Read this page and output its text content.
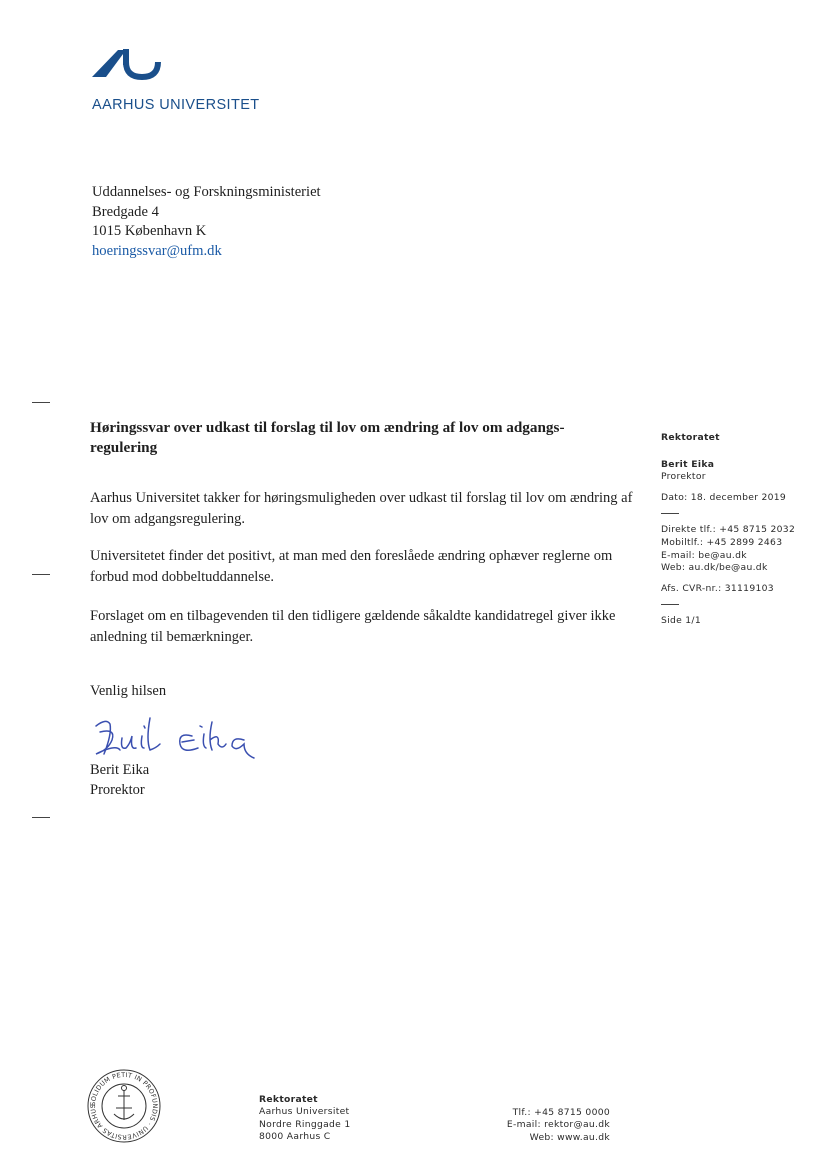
AARHUS UNIVERSITET
Uddannelses- og Forskningsministeriet
Bredgade 4
1015 København K
hoeringssvar@ufm.dk
Høringssvar over udkast til forslag til lov om ændring af lov om adgangs-regulering
Aarhus Universitet takker for høringsmuligheden over udkast til forslag til lov om ændring af lov om adgangsregulering.
Universitetet finder det positivt, at man med den foreslåede ændring ophæver reglerne om forbud mod dobbeltuddannelse.
Forslaget om en tilbagevenden til den tidligere gældende såkaldte kandidatregel giver ikke anledning til bemærkninger.
Venlig hilsen
Berit Eika
Prorektor
Rektoratet
Berit Eika
Prorektor
Dato: 18. december 2019
Direkte tlf.: +45 8715 2032
Mobiltlf.: +45 2899 2463
E-mail: be@au.dk
Web: au.dk/be@au.dk
Afs. CVR-nr.: 31119103
Side 1/1
SOLIDUM PETIT IN PROFUNDIS · UNIVERSITAS ARHUS
Rektoratet
Aarhus Universitet
Nordre Ringgade 1
8000 Aarhus C
Tlf.: +45 8715 0000
E-mail: rektor@au.dk
Web: www.au.dk
